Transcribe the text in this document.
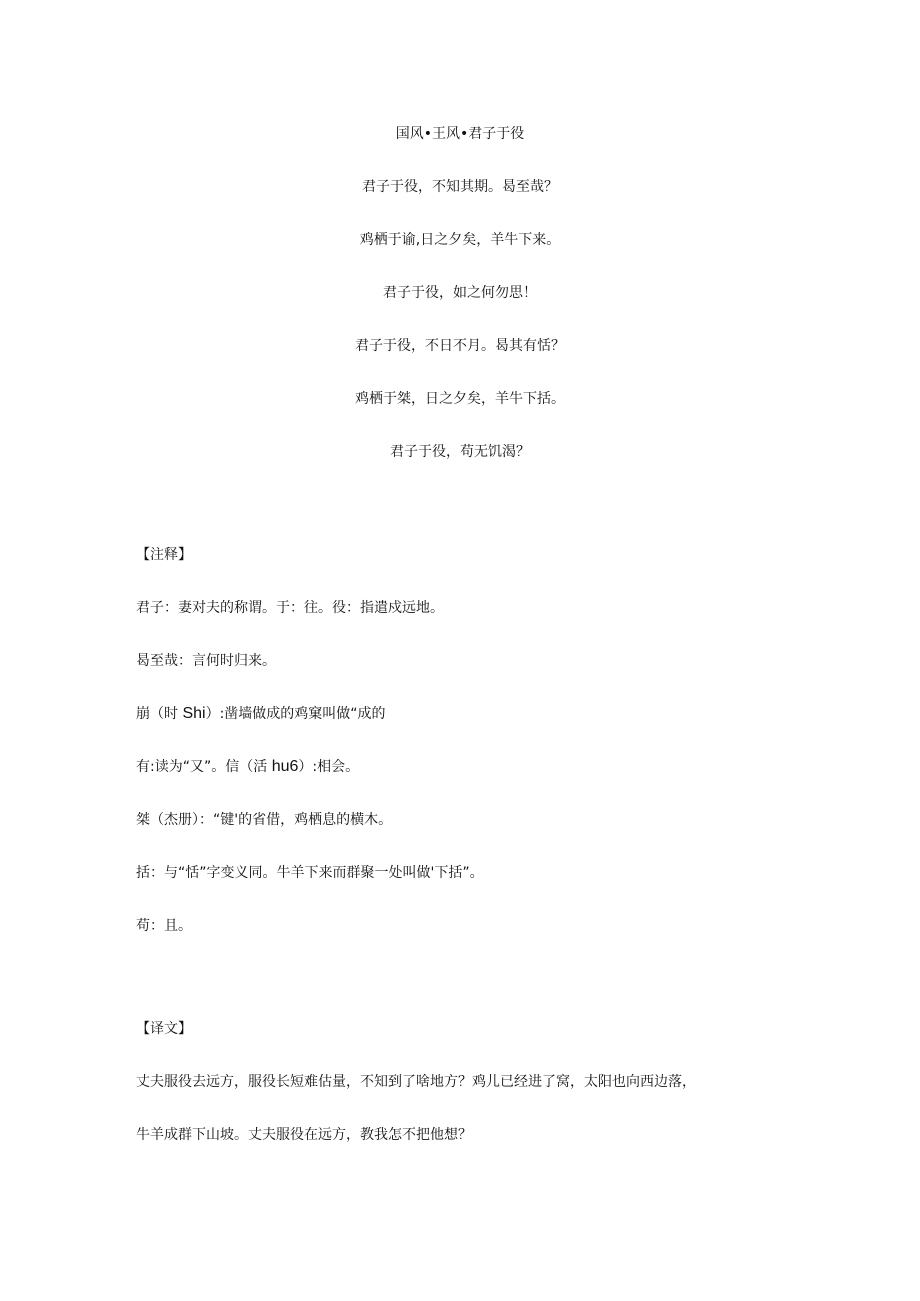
国风•王风•君子于役

君子于役，不知其期。曷至哉？

鸡栖于谕,日之夕矣，羊牛下来。

君子于役，如之何勿思！

君子于役，不日不月。曷其有恬？

鸡栖于桀，日之夕矣，羊牛下括。

君子于役，苟无饥渴？

【注释】

君子：妻对夫的称谓。于：往。役：指遣戍远地。

曷至哉：言何时归来。

崩（时 Shi）:凿墙做成的鸡窠叫做“成的

有:读为“又”。信（活 hu6）:相会。

桀（杰册）：“键'的省借，鸡栖息的横木。

括：与“恬”字变义同。牛羊下来而群聚一处叫做'下括”。

苟：且。

【译文】

丈夫服役去远方，服役长短难估量，不知到了啥地方？鸡儿已经进了窝，太阳也向西边落，

牛羊成群下山坡。丈夫服役在远方，教我怎不把他想？
